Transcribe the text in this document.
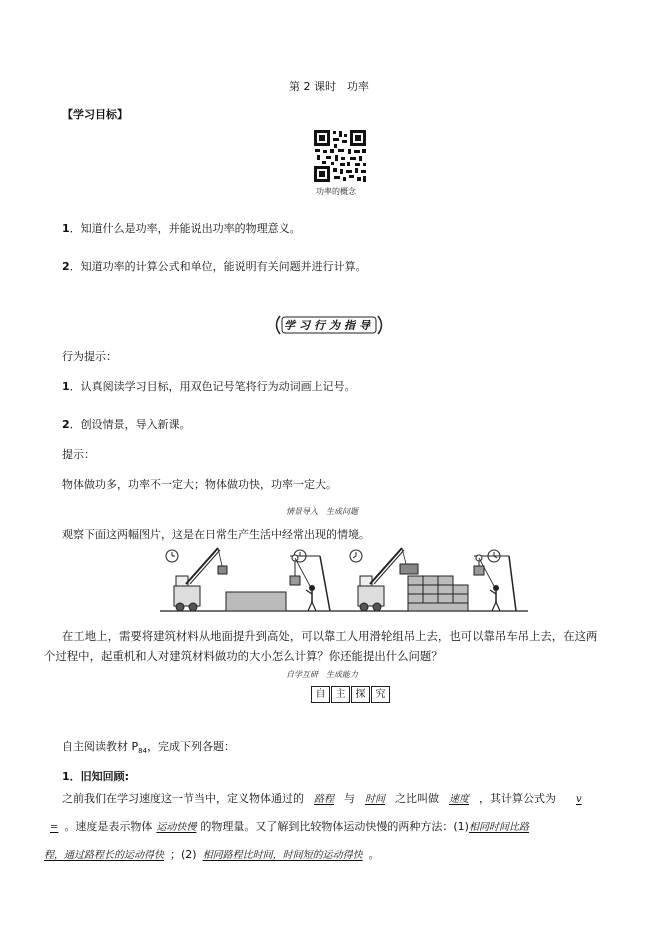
第 2 课时　功率
【学习目标】
功率的概念
1．知道什么是功率，并能说出功率的物理意义。
2．知道功率的计算公式和单位，能说明有关问题并进行计算。
学习行为指导
行为提示：
1．认真阅读学习目标，用双色记号笔将行为动词画上记号。
2．创设情景，导入新课。
提示：
物体做功多，功率不一定大；物体做功快，功率一定大。
情景导入　生成问题
观察下面这两幅图片，这是在日常生产生活中经常出现的情境。
在工地上，需要将建筑材料从地面提升到高处，可以靠工人用滑轮组吊上去，也可以靠吊车吊上去，在这两
个过程中，起重机和人对建筑材料做功的大小怎么计算？你还能提出什么问题？
自学互研　生成能力
自	主	探	究
自主阅读教材 $P_{84}$，完成下列各题：
1．旧知回顾:
之前我们在学习速度这一节当中，定义物体通过的 路程 与 时间 之比叫做 速度 ，其计算公式为 v
= 。速度是表示物体 运动快慢 的物理量。又了解到比较物体运动快慢的两种方法：(1)相同时间比路
程，通过路程长的运动得快 ；(2) 相同路程比时间，时间短的运动得快 。
